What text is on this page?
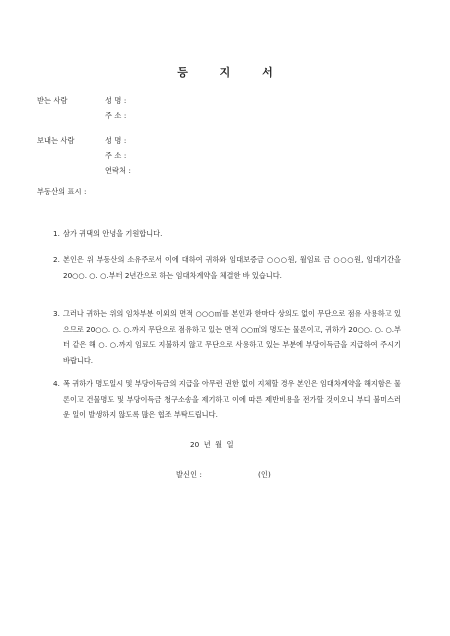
등 지 서
받는 사람	성 명 :
주 소 :
보내는 사람	성 명 :
주 소 :
연락처 :
부동산의 표시 :
1. 삼가 귀댁의 안녕을 기원합니다.
2. 본인은 위 부동산의 소유주로서 이에 대하여 귀하와 임대보증금 ○○○원, 월임료 금 ○○○원, 임대기간을 20○○. ○. ○.부터 2년간으로 하는 임대차계약을 체결한 바 있습니다.
3. 그러나 귀하는 위의 임차부분 이외의 면적 ○○○㎡를 본인과 한마다 상의도 없이 무단으로 점유 사용하고 있으므로 20○○. ○. ○.까지 무단으로 점유하고 있는 면적 ○○㎡의 명도는 물론이고, 귀하가 20○○. ○. ○.부터 같은 해 ○. ○.까지 임료도 지불하지 않고 무단으로 사용하고 있는 부분에 부당이득금을 지급하여 주시기 바랍니다.
4. 폭 귀하가 명도일시 및 부당이득금의 지급을 아무런 권한 없이 지체할 경우 본인은 임대차계약을 해지함은 물론이고 건물명도 및 부당이득금 청구소송을 제기하고 이에 따른 제반비용을 전가할 것이오니 부디 불미스러운 일이 발생하지 않도록 많은 협조 부탁드립니다.
20 년 월 일
발신인 :	(인)
